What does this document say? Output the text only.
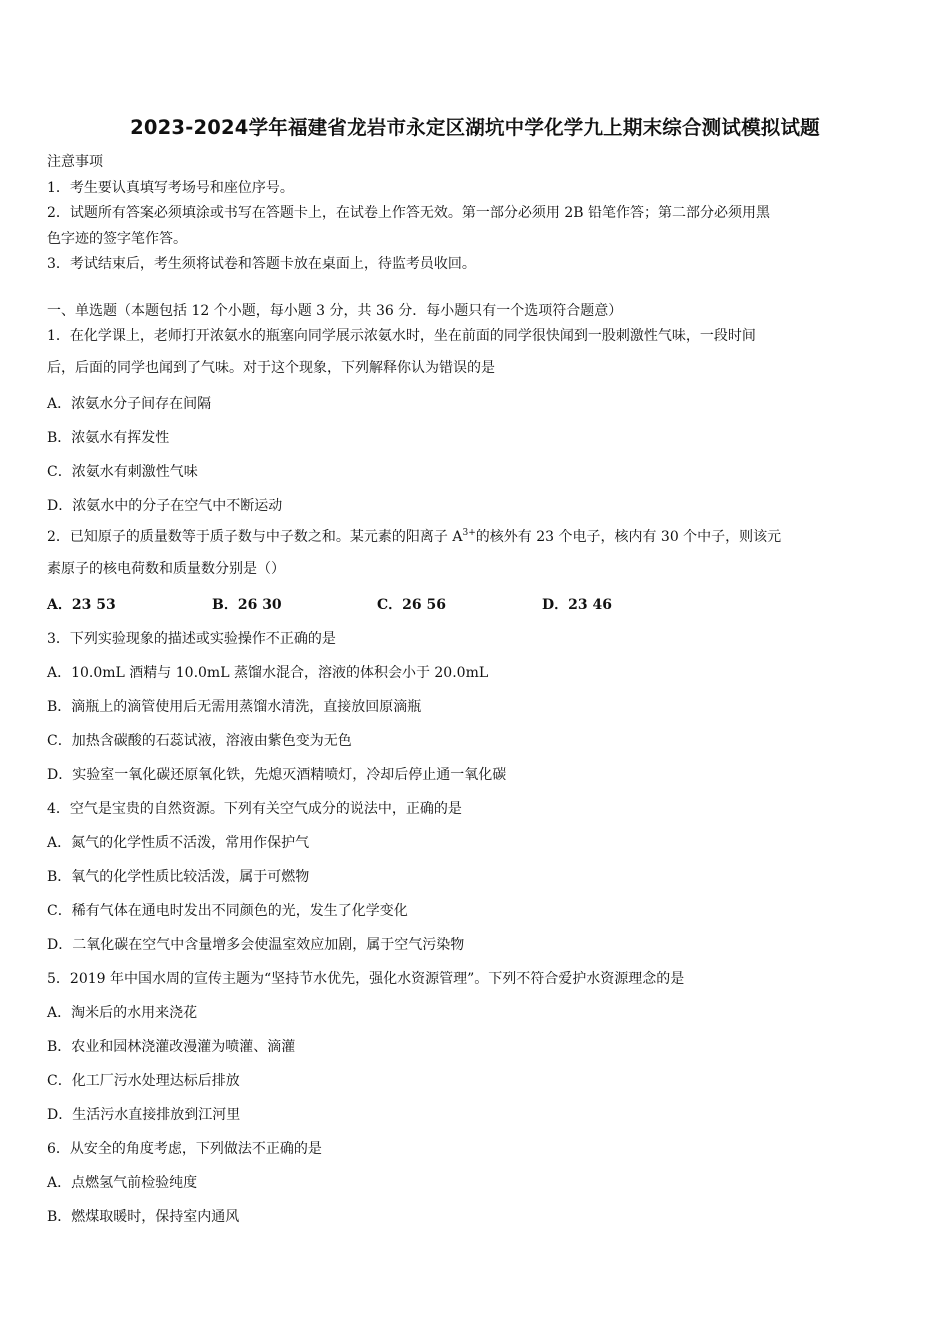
2023-2024学年福建省龙岩市永定区湖坑中学化学九上期末综合测试模拟试题

注意事项

1．考生要认真填写考场号和座位序号。

2．试题所有答案必须填涂或书写在答题卡上，在试卷上作答无效。第一部分必须用 2B 铅笔作答；第二部分必须用黑

色字迹的签字笔作答。

3．考试结束后，考生须将试卷和答题卡放在桌面上，待监考员收回。

一、单选题（本题包括 12 个小题，每小题 3 分，共 36 分．每小题只有一个选项符合题意）

1．在化学课上，老师打开浓氨水的瓶塞向同学展示浓氨水时，坐在前面的同学很快闻到一股刺激性气味，一段时间

后，后面的同学也闻到了气味。对于这个现象，下列解释你认为错误的是

A．浓氨水分子间存在间隔

B．浓氨水有挥发性

C．浓氨水有刺激性气味

D．浓氨水中的分子在空气中不断运动

2．已知原子的质量数等于质子数与中子数之和。某元素的阳离子 $A^{3+}$的核外有 23 个电子，核内有 30 个中子，则该元

素原子的核电荷数和质量数分别是（）

A．23 53	B．26 30	C．26 56	D．23 46

3．下列实验现象的描述或实验操作不正确的是

A．10.0mL 酒精与 10.0mL 蒸馏水混合，溶液的体积会小于 20.0mL

B．滴瓶上的滴管使用后无需用蒸馏水清洗，直接放回原滴瓶

C．加热含碳酸的石蕊试液，溶液由紫色变为无色

D．实验室一氧化碳还原氧化铁，先熄灭酒精喷灯，冷却后停止通一氧化碳

4．空气是宝贵的自然资源。下列有关空气成分的说法中，正确的是

A．氮气的化学性质不活泼，常用作保护气

B．氧气的化学性质比较活泼，属于可燃物

C．稀有气体在通电时发出不同颜色的光，发生了化学变化

D．二氧化碳在空气中含量增多会使温室效应加剧，属于空气污染物

5．2019 年中国水周的宣传主题为“坚持节水优先，强化水资源管理”。下列不符合爱护水资源理念的是

A．淘米后的水用来浇花

B．农业和园林浇灌改漫灌为喷灌、滴灌

C．化工厂污水处理达标后排放

D．生活污水直接排放到江河里

6．从安全的角度考虑，下列做法不正确的是

A．点燃氢气前检验纯度

B．燃煤取暖时，保持室内通风
